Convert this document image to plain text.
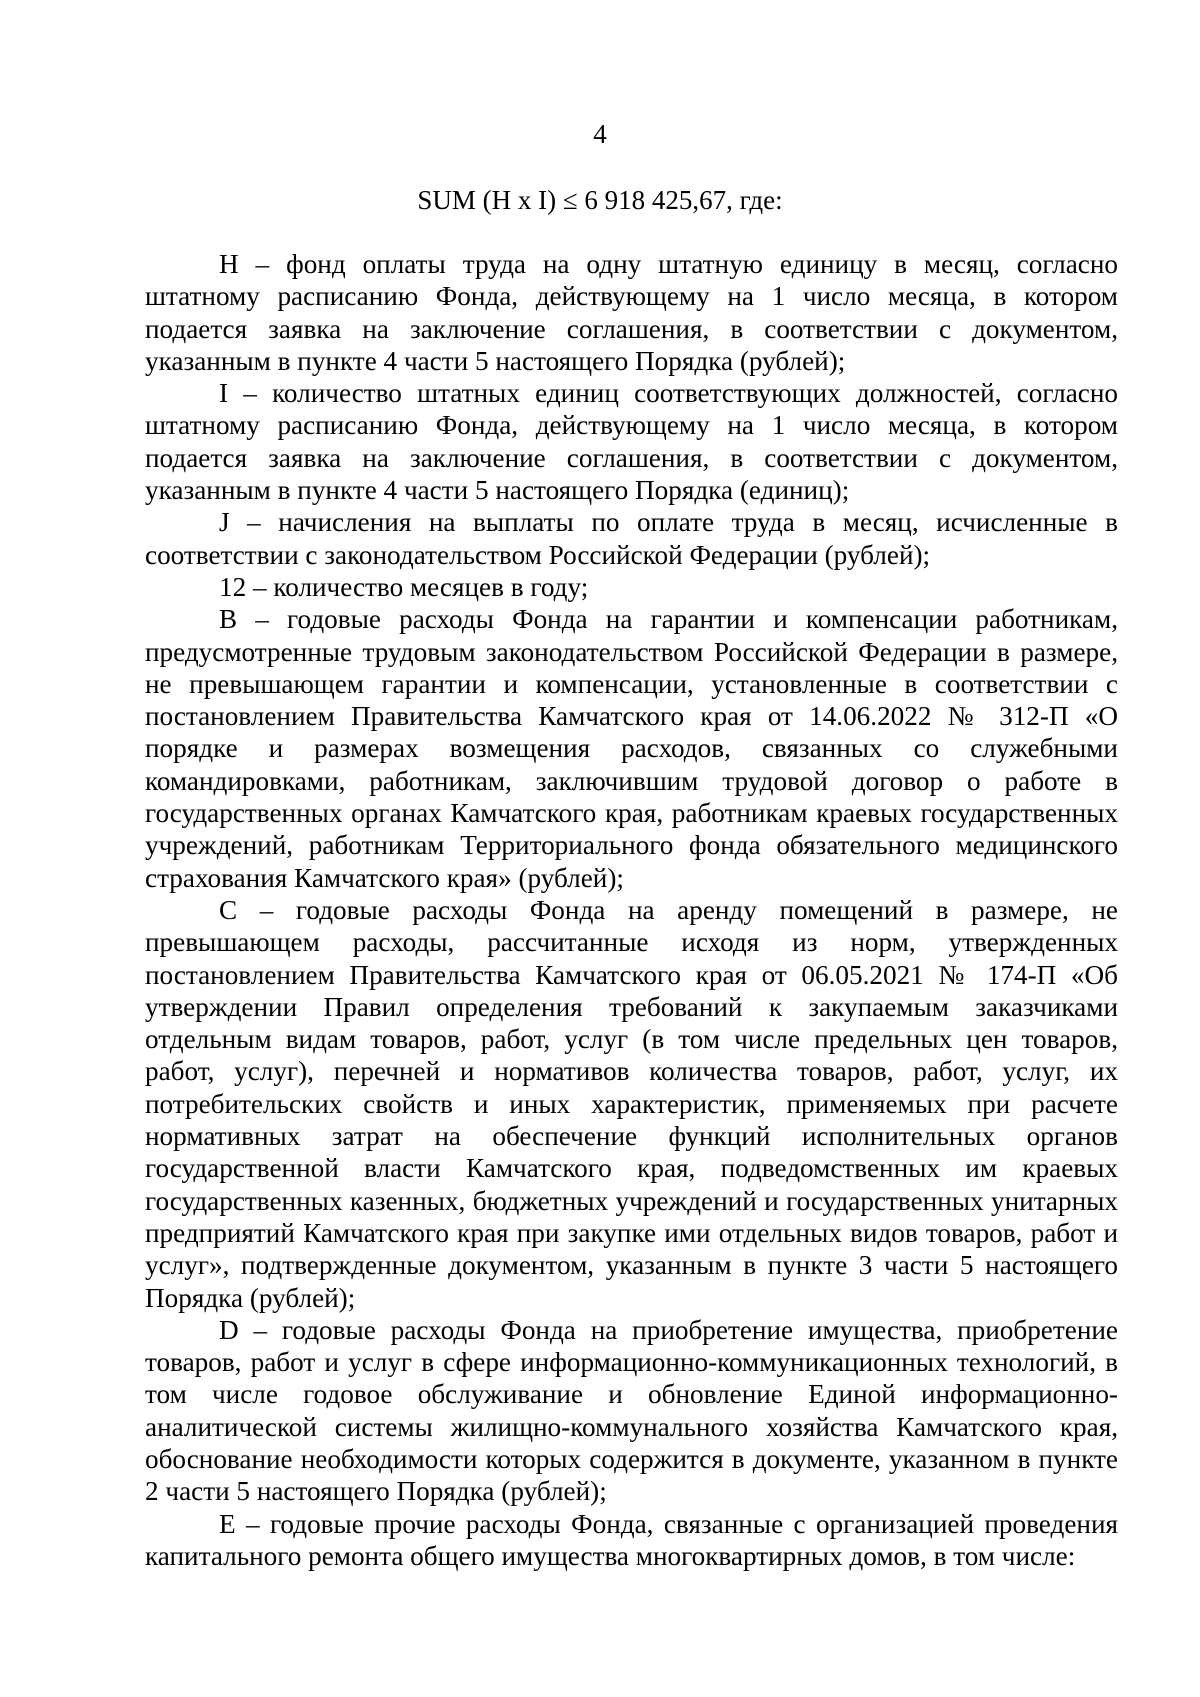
4
SUM (H x I) ≤ 6 918 425,67, где:

H – фонд оплаты труда на одну штатную единицу в месяц, согласно штатному расписанию Фонда, действующему на 1 число месяца, в котором подается заявка на заключение соглашения, в соответствии с документом, указанным в пункте 4 части 5 настоящего Порядка (рублей);

I – количество штатных единиц соответствующих должностей, согласно штатному расписанию Фонда, действующему на 1 число месяца, в котором подается заявка на заключение соглашения, в соответствии с документом, указанным в пункте 4 части 5 настоящего Порядка (единиц);

J – начисления на выплаты по оплате труда в месяц, исчисленные в соответствии с законодательством Российской Федерации (рублей);

12 – количество месяцев в году;

B – годовые расходы Фонда на гарантии и компенсации работникам, предусмотренные трудовым законодательством Российской Федерации в размере, не превышающем гарантии и компенсации, установленные в соответствии с постановлением Правительства Камчатского края от 14.06.2022 № 312-П «О порядке и размерах возмещения расходов, связанных со служебными командировками, работникам, заключившим трудовой договор о работе в государственных органах Камчатского края, работникам краевых государственных учреждений, работникам Территориального фонда обязательного медицинского страхования Камчатского края» (рублей);

C – годовые расходы Фонда на аренду помещений в размере, не превышающем расходы, рассчитанные исходя из норм, утвержденных постановлением Правительства Камчатского края от 06.05.2021 № 174-П «Об утверждении Правил определения требований к закупаемым заказчиками отдельным видам товаров, работ, услуг (в том числе предельных цен товаров, работ, услуг), перечней и нормативов количества товаров, работ, услуг, их потребительских свойств и иных характеристик, применяемых при расчете нормативных затрат на обеспечение функций исполнительных органов государственной власти Камчатского края, подведомственных им краевых государственных казенных, бюджетных учреждений и государственных унитарных предприятий Камчатского края при закупке ими отдельных видов товаров, работ и услуг», подтвержденные документом, указанным в пункте 3 части 5 настоящего Порядка (рублей);

D – годовые расходы Фонда на приобретение имущества, приобретение товаров, работ и услуг в сфере информационно-коммуникационных технологий, в том числе годовое обслуживание и обновление Единой информационно-аналитической системы жилищно-коммунального хозяйства Камчатского края, обоснование необходимости которых содержится в документе, указанном в пункте 2 части 5 настоящего Порядка (рублей);

E – годовые прочие расходы Фонда, связанные с организацией проведения капитального ремонта общего имущества многоквартирных домов, в том числе:
